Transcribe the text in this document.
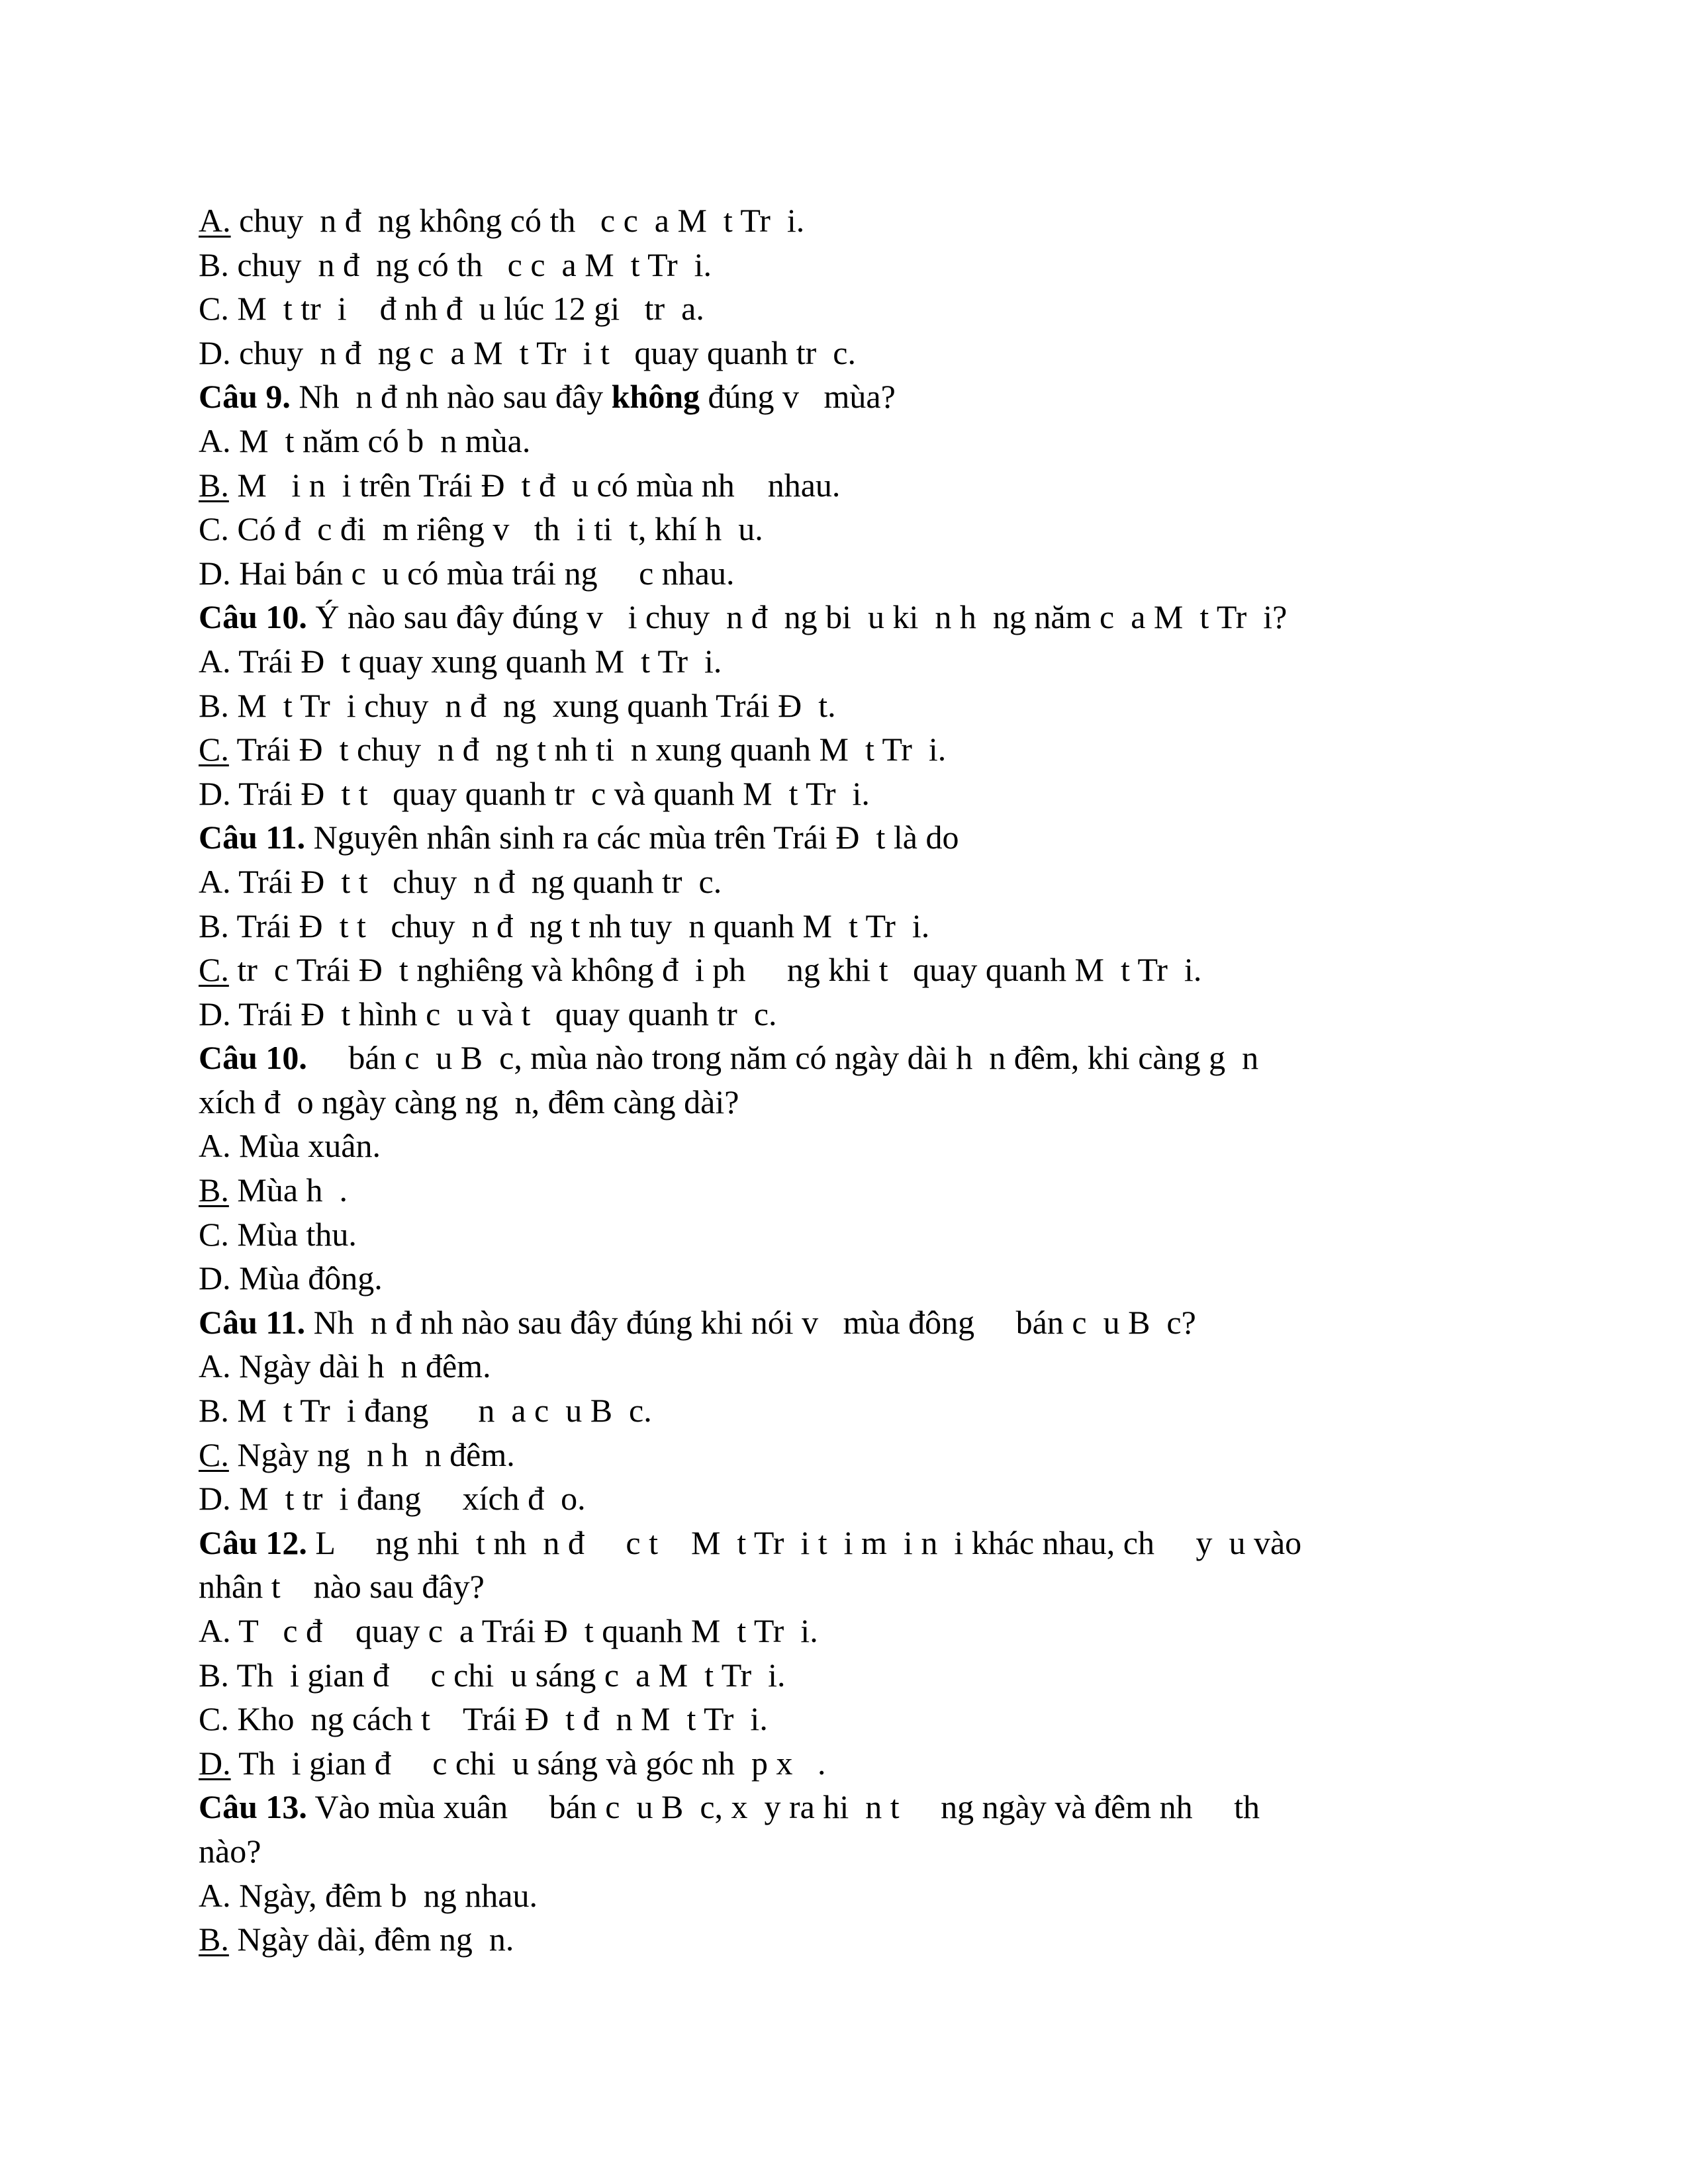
A. chuy  n đ  ng không có th   c c  a M  t Tr  i.
B. chuy  n đ  ng có th   c c  a M  t Tr  i.
C. M  t tr  i    đ nh đ  u lúc 12 gi   tr  a.
D. chuy  n đ  ng c  a M  t Tr  i t   quay quanh tr  c.
Câu 9. Nh  n đ nh nào sau đây không đúng v   mùa?
A. M  t năm có b  n mùa.
B. M   i n  i trên Trái Đ  t đ  u có mùa nh    nhau.
C. Có đ  c đi  m riêng v   th  i ti  t, khí h  u.
D. Hai bán c  u có mùa trái ng     c nhau.
Câu 10. Ý nào sau đây đúng v   i chuy  n đ  ng bi  u ki  n h  ng năm c  a M  t Tr  i?
A. Trái Đ  t quay xung quanh M  t Tr  i.
B. M  t Tr  i chuy  n đ  ng  xung quanh Trái Đ  t.
C. Trái Đ  t chuy  n đ  ng t nh ti  n xung quanh M  t Tr  i.
D. Trái Đ  t t   quay quanh tr  c và quanh M  t Tr  i.
Câu 11. Nguyên nhân sinh ra các mùa trên Trái Đ  t là do
A. Trái Đ  t t   chuy  n đ  ng quanh tr  c.
B. Trái Đ  t t   chuy  n đ  ng t nh tuy  n quanh M  t Tr  i.
C. tr  c Trái Đ  t nghiêng và không đ  i ph     ng khi t   quay quanh M  t Tr  i.
D. Trái Đ  t hình c  u và t   quay quanh tr  c.
Câu 10.     bán c  u B  c, mùa nào trong năm có ngày dài h  n đêm, khi càng g  n
xích đ  o ngày càng ng  n, đêm càng dài?
A. Mùa xuân.
B. Mùa h  .
C. Mùa thu.
D. Mùa đông.
Câu 11. Nh  n đ nh nào sau đây đúng khi nói v   mùa đông     bán c  u B  c?
A. Ngày dài h  n đêm.
B. M  t Tr  i đang      n  a c  u B  c.
C. Ngày ng  n h  n đêm.
D. M  t tr  i đang     xích đ  o.
Câu 12. L     ng nhi  t nh  n đ     c t    M  t Tr  i t  i m  i n  i khác nhau, ch     y  u vào
nhân t    nào sau đây?
A. T   c đ    quay c  a Trái Đ  t quanh M  t Tr  i.
B. Th  i gian đ     c chi  u sáng c  a M  t Tr  i.
C. Kho  ng cách t    Trái Đ  t đ  n M  t Tr  i.
D. Th  i gian đ     c chi  u sáng và góc nh  p x   .
Câu 13. Vào mùa xuân     bán c  u B  c, x  y ra hi  n t     ng ngày và đêm nh     th
nào?
A. Ngày, đêm b  ng nhau.
B. Ngày dài, đêm ng  n.
